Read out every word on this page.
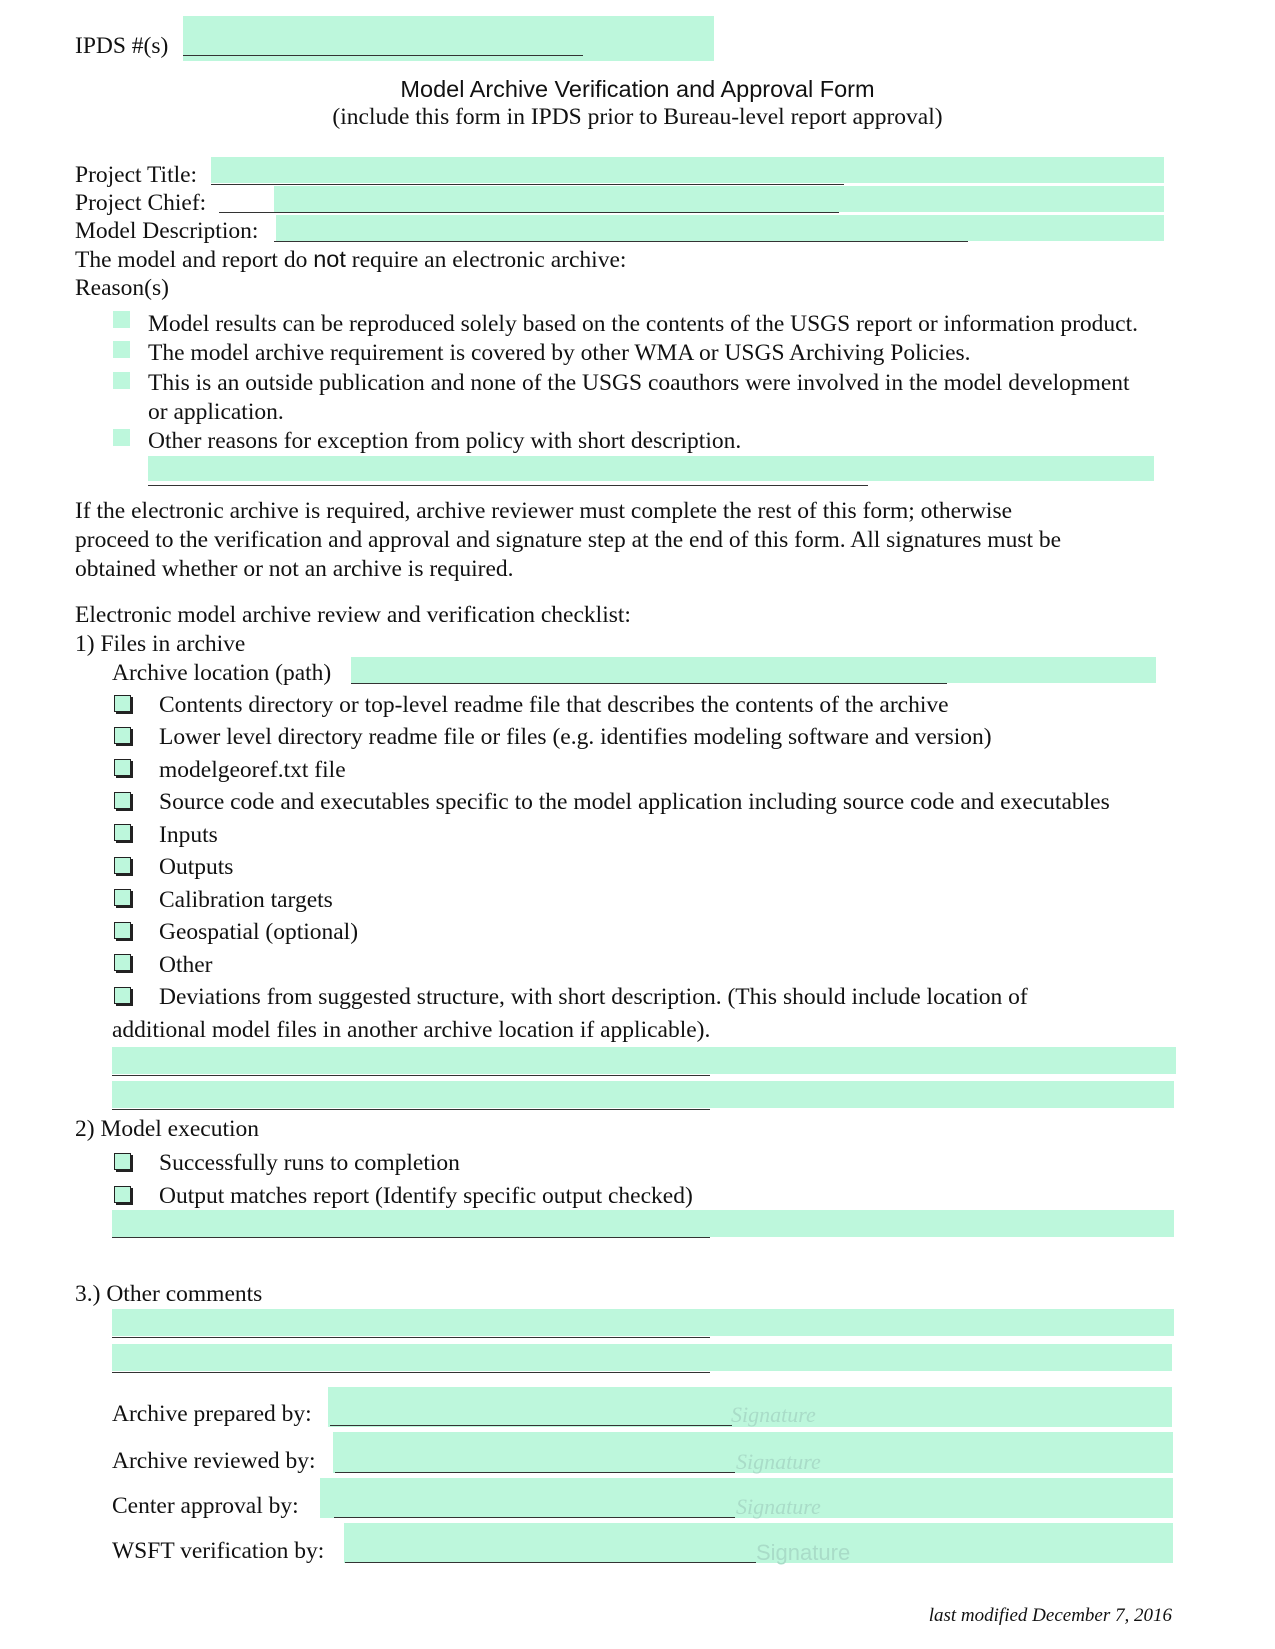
IPDS #(s)
Model Archive Verification and Approval Form
(include this form in IPDS prior to Bureau-level report approval)
Project Title:
Project Chief:
Model Description:
The model and report do not require an electronic archive:
Reason(s)
Model results can be reproduced solely based on the contents of the USGS report or information product.
The model archive requirement is covered by other WMA or USGS Archiving Policies.
This is an outside publication and none of the USGS coauthors were involved in the model development
or application.
Other reasons for exception from policy with short description.
If the electronic archive is required, archive reviewer must complete the rest of this form; otherwise
proceed to the verification and approval and signature step at the end of this form. All signatures must be
obtained whether or not an archive is required.
Electronic model archive review and verification checklist:
1) Files in archive
Archive location (path)
Contents directory or top-level readme file that describes the contents of the archive
Lower level directory readme file or files (e.g. identifies modeling software and version)
modelgeoref.txt file
Source code and executables specific to the model application including source code and executables
Inputs
Outputs
Calibration targets
Geospatial (optional)
Other
Deviations from suggested structure, with short description. (This should include location of
additional model files in another archive location if applicable).
2) Model execution
Successfully runs to completion
Output matches report (Identify specific output checked)
3.) Other comments
Archive prepared by:	Signature
Archive reviewed by:	Signature
Center approval by:	Signature
WSFT verification by:	Signature
last modified December 7, 2016
